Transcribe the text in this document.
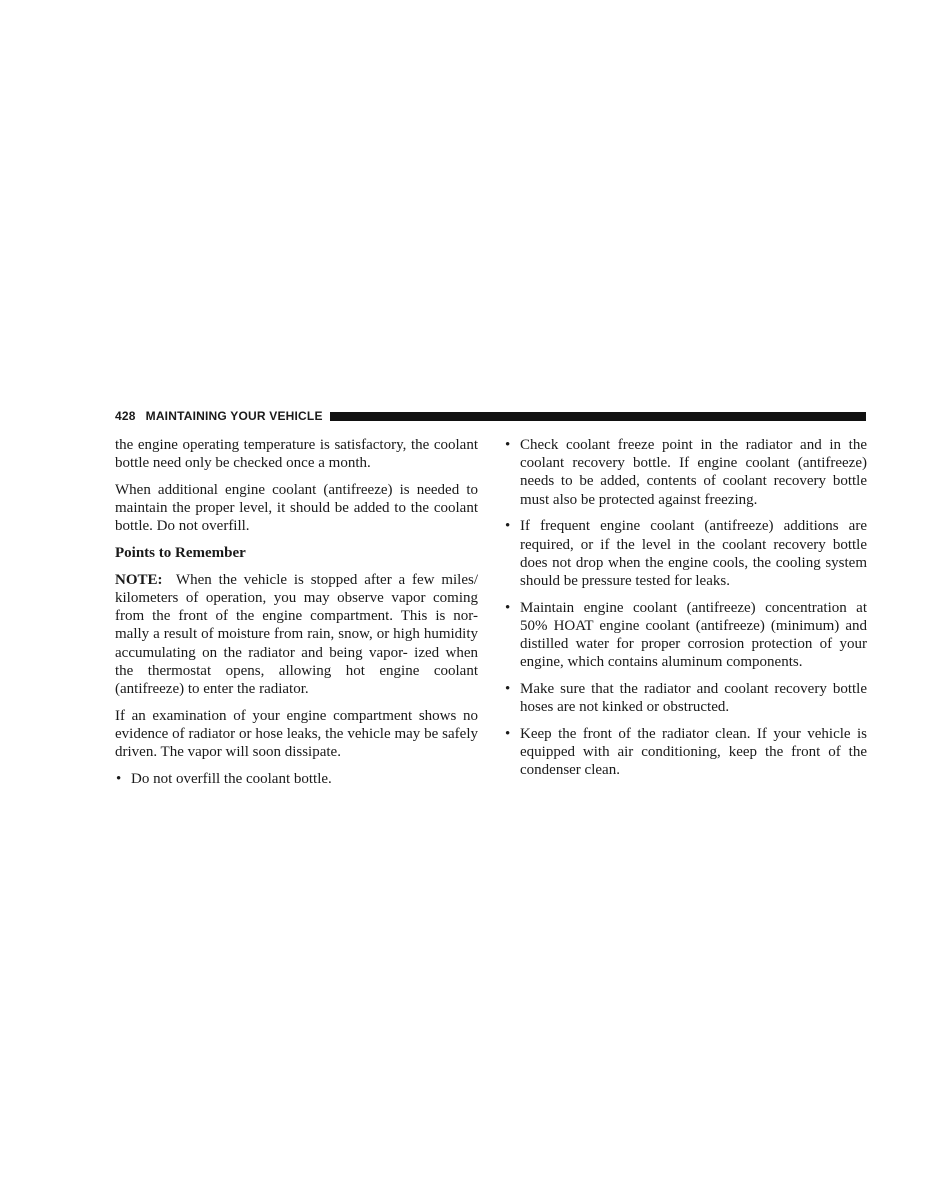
428 MAINTAINING YOUR VEHICLE

the engine operating temperature is satisfactory, the coolant bottle need only be checked once a month.

When additional engine coolant (antifreeze) is needed to maintain the proper level, it should be added to the coolant bottle. Do not overfill.

Points to Remember

NOTE: When the vehicle is stopped after a few miles/ kilometers of operation, you may observe vapor coming from the front of the engine compartment. This is nor- mally a result of moisture from rain, snow, or high humidity accumulating on the radiator and being vapor- ized when the thermostat opens, allowing hot engine coolant (antifreeze) to enter the radiator.

If an examination of your engine compartment shows no evidence of radiator or hose leaks, the vehicle may be safely driven. The vapor will soon dissipate.

• Do not overfill the coolant bottle.
• Check coolant freeze point in the radiator and in the coolant recovery bottle. If engine coolant (antifreeze) needs to be added, contents of coolant recovery bottle must also be protected against freezing.
• If frequent engine coolant (antifreeze) additions are required, or if the level in the coolant recovery bottle does not drop when the engine cools, the cooling system should be pressure tested for leaks.
• Maintain engine coolant (antifreeze) concentration at 50% HOAT engine coolant (antifreeze) (minimum) and distilled water for proper corrosion protection of your engine, which contains aluminum components.
• Make sure that the radiator and coolant recovery bottle hoses are not kinked or obstructed.
• Keep the front of the radiator clean. If your vehicle is equipped with air conditioning, keep the front of the condenser clean.
